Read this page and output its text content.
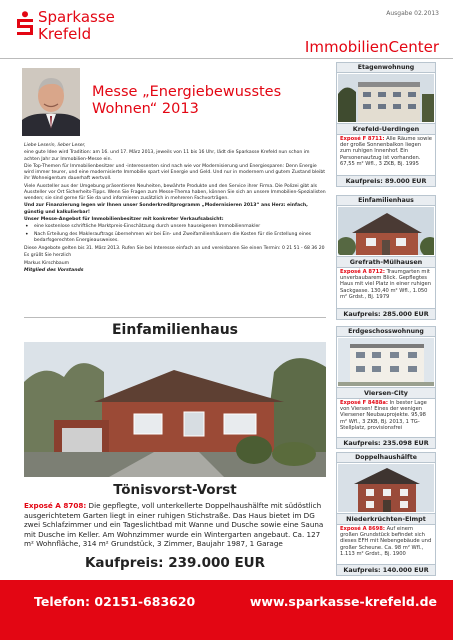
Sparkasse
Krefeld
Ausgabe 02.2013
ImmobilienCenter
Messe „Energiebewusstes
Wohnen“ 2013

Liebe Leserin, lieber Leser,

eine gute Idee wird Tradition: am 16. und 17. März 2013, jeweils von 11 bis 16 Uhr, lädt die Sparkasse Krefeld nun schon im achten Jahr zur Immobilien-Messe ein.

Die Top-Themen für Immobilienbesitzer und -interessenten sind nach wie vor Modernisierung und Energiesparen: Denn Energie wird immer teurer, und eine modernisierte Immobilie spart viel Energie und Geld. Und nur in modernem und gutem Zustand bleibt ihr Wohneigentum dauerhaft wertvoll.

Viele Aussteller aus der Umgebung präsentieren Neuheiten, bewährte Produkte und den Service ihrer Firma. Die Polizei gibt als Aussteller vor Ort Sicherheits-Tipps. Wenn Sie Fragen zum Messe-Thema haben, können Sie sich an unsere Immobilien-Spezialisten wenden; sie sind gerne für Sie da und informieren zusätzlich in mehreren Fachvorträgen.

Und zur Finanzierung legen wir Ihnen unser Sonderkreditprogramm „Modernisieren 2013“ ans Herz: einfach, günstig und kalkulierbar!

Unser Messe-Angebot für Immobilienbesitzer mit konkreter Verkaufsabsicht:

• eine kostenlose schriftliche Marktpreis-Einschätzung durch unsere hauseigenen Immobilienmakler
• Nach Erteilung des Maklerauftrags übernehmen wir bei Ein- und Zweifamilienhäusern die Kosten für die Erstellung eines bedarfsgerechten Energieausweises.

Diese Angebote gelten bis 31. März 2013. Rufen Sie bei Interesse einfach an und vereinbaren Sie einen Termin: 0 21 51 - 68 36 20

Es grüßt Sie herzlich

Markus Kirschbaum

Mitglied des Vorstands

Einfamilienhaus
Tönisvorst-Vorst
Exposé A 8708: Die gepflegte, voll unterkellerte Doppelhaushälfte mit südöstlich ausgerichtetem Garten liegt in einer ruhigen Stichstraße. Das Haus bietet im DG zwei Schlafzimmer und ein Tageslichtbad mit Wanne und Dusche sowie eine Sauna mit Dusche im Keller. Am Wohnzimmer wurde ein Wintergarten angebaut. Ca. 127 m² Wohnfläche, 314 m² Grundstück, 3 Zimmer, Baujahr 1987, 1 Garage
Kaufpreis: 239.000 EUR
Etagenwohnung
Krefeld-Uerdingen
Exposé F 8711: Alle Räume sowie der große Sonnenbalkon liegen zum ruhigen Innenhof. Ein Personenaufzug ist vorhanden. 67,55 m² Wfl., 3 ZKB, Bj. 1995
Kaufpreis: 89.000 EUR
Einfamilienhaus
Grefrath-Mülhausen
Exposé A 8712: Traumgarten mit unverbaubarem Blick. Gepflegtes Haus mit viel Platz in einer ruhigen Sackgasse. 130,40 m² Wfl., 1.050 m² Grdst., Bj. 1979
Kaufpreis: 285.000 EUR
Erdgeschosswohnung
Viersen-City
Exposé F 8488a: In bester Lage von Viersen! Eines der wenigen Viersener Neubauprojekte. 95,98 m² Wfl., 3 ZKB, Bj. 2013, 1 TG-Stellplatz, provisionsfrei
Kaufpreis: 235.098 EUR
Doppelhaushälfte
Niederkrüchten-Elmpt
Exposé A 8698: Auf einem großen Grundstück befindet sich dieses EFH mit Nebengebäude und großer Scheune. Ca. 98 m² Wfl., 1.113 m² Grdst., Bj. 1900
Kaufpreis: 140.000 EUR
Telefon: 02151-683620	www.sparkasse-krefeld.de
